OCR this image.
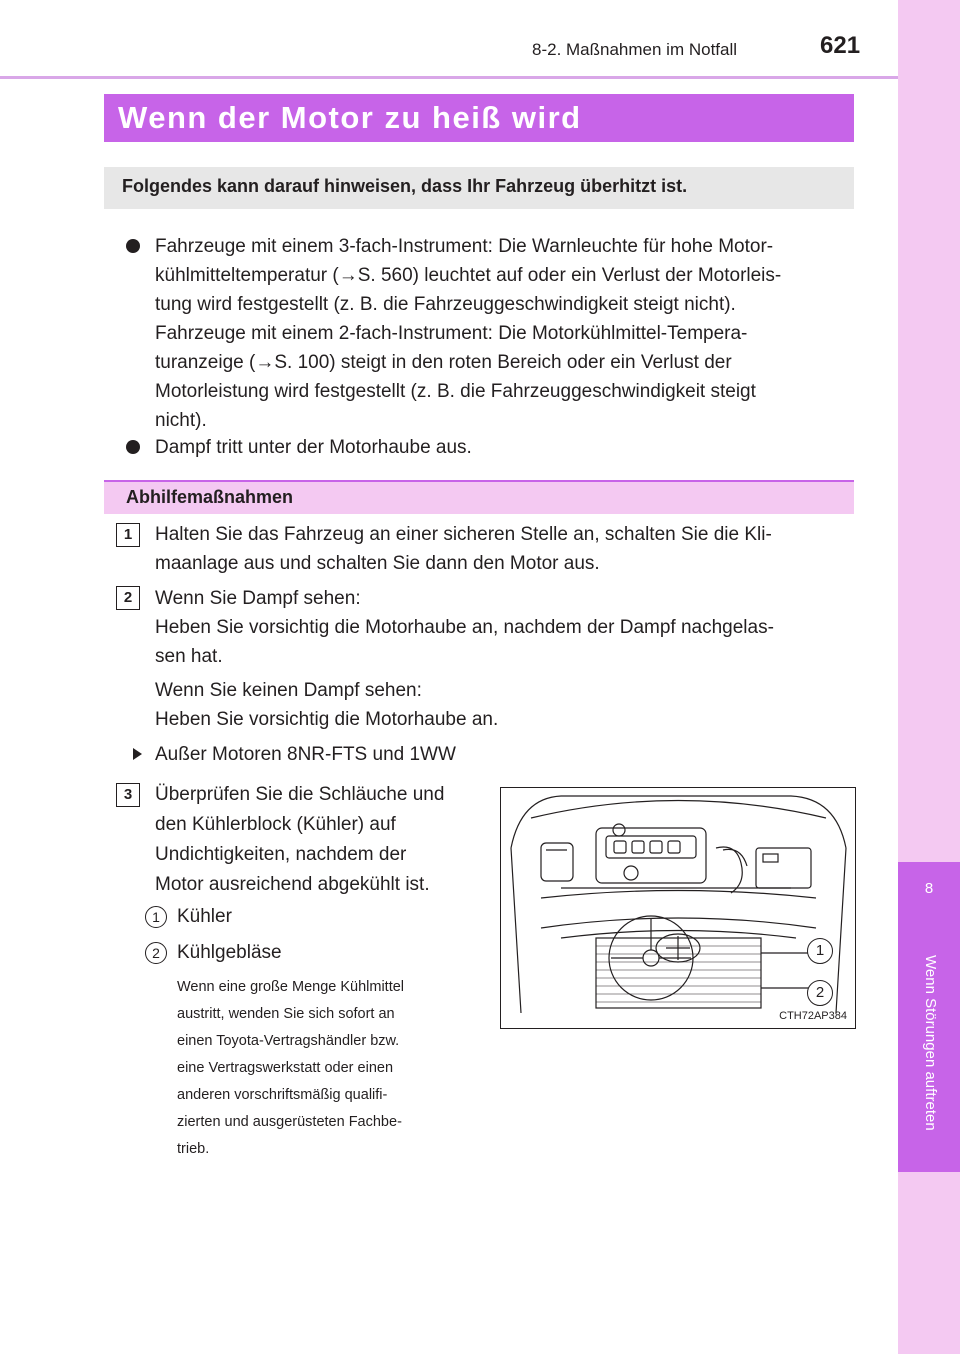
8
Wenn Störungen auftreten
8-2. Maßnahmen im Notfall	621
Wenn der Motor zu heiß wird
Folgendes kann darauf hinweisen, dass Ihr Fahrzeug überhitzt ist.
Fahrzeuge mit einem 3-fach-Instrument: Die Warnleuchte für hohe Motor-
kühlmitteltemperatur (→S. 560) leuchtet auf oder ein Verlust der Motorleis-
tung wird festgestellt (z. B. die Fahrzeuggeschwindigkeit steigt nicht).
Fahrzeuge mit einem 2-fach-Instrument: Die Motorkühlmittel-Tempera-
turanzeige (→S. 100) steigt in den roten Bereich oder ein Verlust der
Motorleistung wird festgestellt (z. B. die Fahrzeuggeschwindigkeit steigt
nicht).
Dampf tritt unter der Motorhaube aus.
Abhilfemaßnahmen
1	Halten Sie das Fahrzeug an einer sicheren Stelle an, schalten Sie die Kli-
maanlage aus und schalten Sie dann den Motor aus.
2	Wenn Sie Dampf sehen:
Heben Sie vorsichtig die Motorhaube an, nachdem der Dampf nachgelas-
sen hat.
Wenn Sie keinen Dampf sehen:
Heben Sie vorsichtig die Motorhaube an.
Außer Motoren 8NR-FTS und 1WW
3	Überprüfen Sie die Schläuche und
den Kühlerblock (Kühler) auf
Undichtigkeiten, nachdem der
Motor ausreichend abgekühlt ist.
1 Kühler
2 Kühlgebläse
Wenn eine große Menge Kühlmittel
austritt, wenden Sie sich sofort an
einen Toyota-Vertragshändler bzw.
eine Vertragswerkstatt oder einen
anderen vorschriftsmäßig qualifi-
zierten und ausgerüsteten Fachbe-
trieb.
1
2
CTH72AP384
